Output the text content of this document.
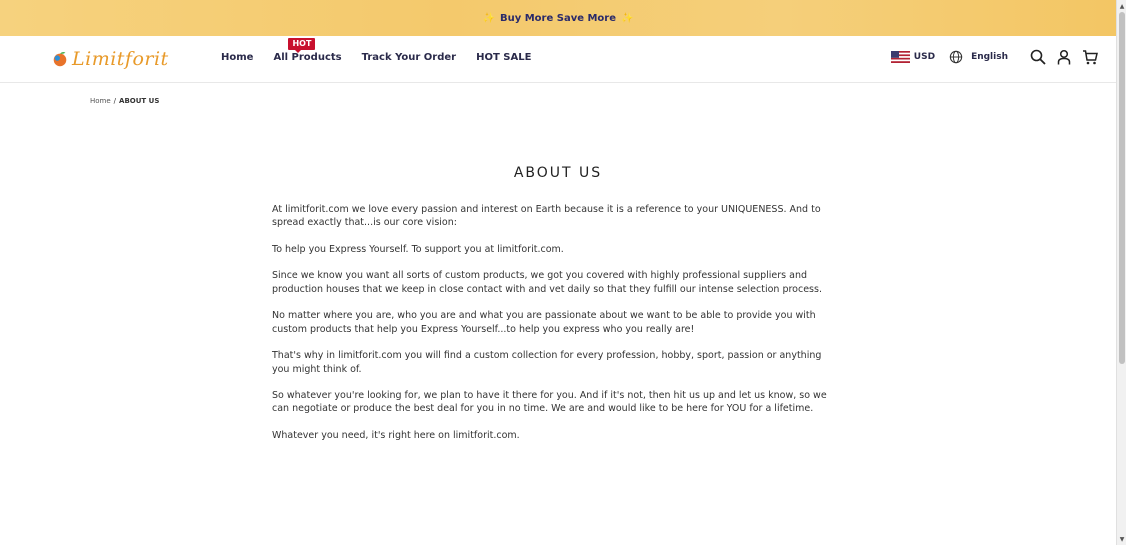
✨ Buy More Save More ✨
Limitforit	Home
HOT
All Products Track Your Order HOT SALE	USD	English
Home / ABOUT US
ABOUT US

At limitforit.com we love every passion and interest on Earth because it is a reference to your UNIQUENESS. And to spread exactly that...is our core vision:

To help you Express Yourself. To support you at limitforit.com.

Since we know you want all sorts of custom products, we got you covered with highly professional suppliers and production houses that we keep in close contact with and vet daily so that they fulfill our intense selection process.

No matter where you are, who you are and what you are passionate about we want to be able to provide you with custom products that help you Express Yourself...to help you express who you really are!

That's why in limitforit.com you will find a custom collection for every profession, hobby, sport, passion or anything you might think of.

So whatever you're looking for, we plan to have it there for you. And if it's not, then hit us up and let us know, so we can negotiate or produce the best deal for you in no time. We are and would like to be here for YOU for a lifetime.

Whatever you need, it's right here on limitforit.com.

▲
▼
